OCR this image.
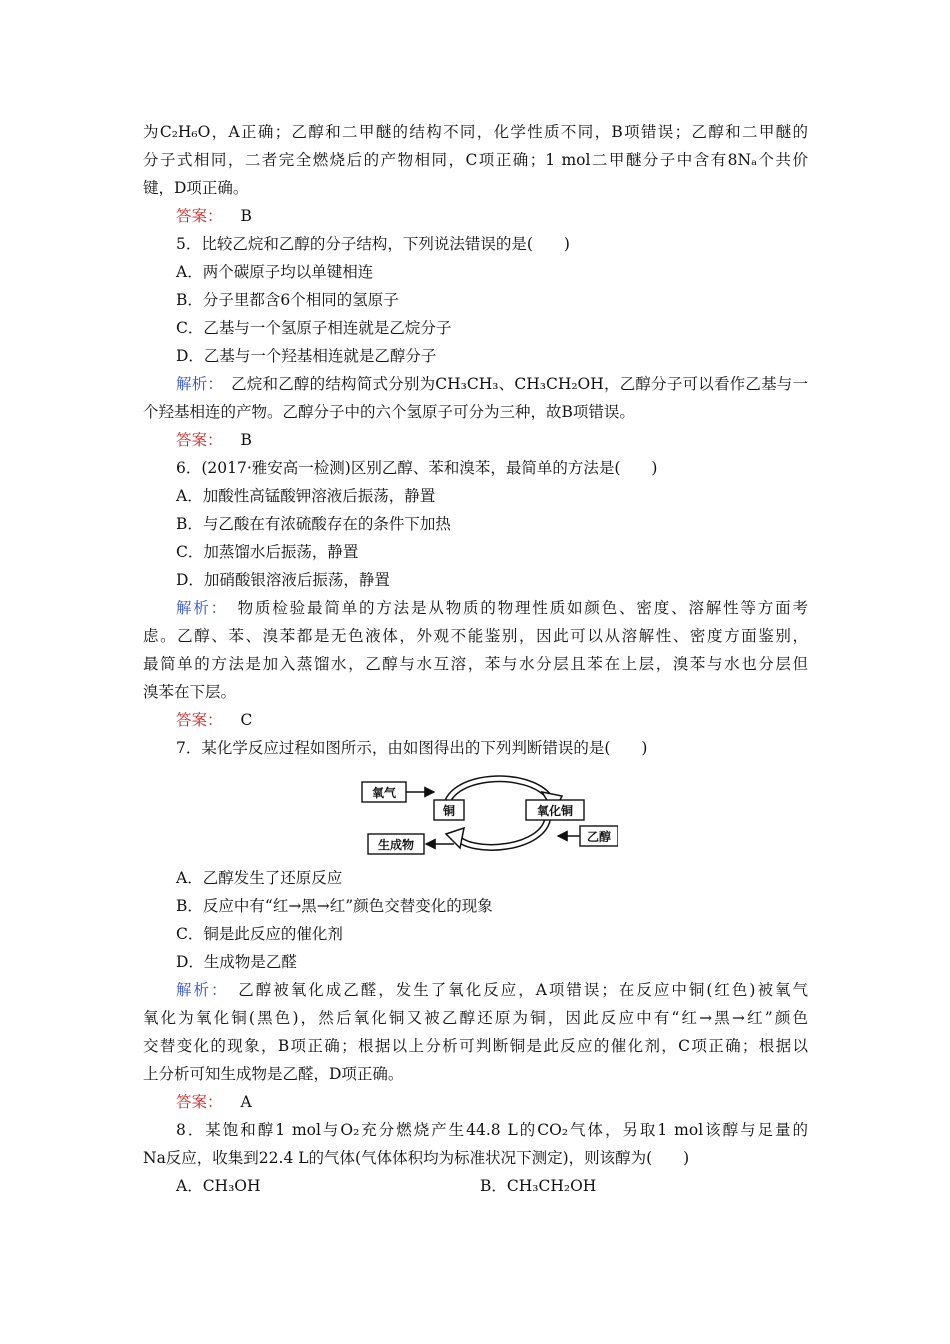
为C₂H₆O，A正确；乙醇和二甲醚的结构不同，化学性质不同，B项错误；乙醇和二甲醚的
分子式相同，二者完全燃烧后的产物相同，C项正确；1 mol二甲醚分子中含有8Nₐ个共价
键，D项正确。
答案： B
5．比较乙烷和乙醇的分子结构，下列说法错误的是(　　)
A．两个碳原子均以单键相连
B．分子里都含6个相同的氢原子
C．乙基与一个氢原子相连就是乙烷分子
D．乙基与一个羟基相连就是乙醇分子
解析：　 乙烷和乙醇的结构简式分别为CH₃CH₃、CH₃CH₂OH，乙醇分子可以看作乙基与一
个羟基相连的产物。乙醇分子中的六个氢原子可分为三种，故B项错误。
答案： B
6．(2017·雅安高一检测)区别乙醇、苯和溴苯，最简单的方法是(　　)
A．加酸性高锰酸钾溶液后振荡，静置
B．与乙酸在有浓硫酸存在的条件下加热
C．加蒸馏水后振荡，静置
D．加硝酸银溶液后振荡，静置
解析：　 物质检验最简单的方法是从物质的物理性质如颜色、密度、溶解性等方面考
虑。乙醇、苯、溴苯都是无色液体，外观不能鉴别，因此可以从溶解性、密度方面鉴别，
最简单的方法是加入蒸馏水，乙醇与水互溶，苯与水分层且苯在上层，溴苯与水也分层但
溴苯在下层。
答案： C
7．某化学反应过程如图所示，由如图得出的下列判断错误的是(　　)
氧气
铜	氧化铜
乙醇
生成物
A．乙醇发生了还原反应
B．反应中有“红→黑→红”颜色交替变化的现象
C．铜是此反应的催化剂
D．生成物是乙醛
解析：　 乙醇被氧化成乙醛，发生了氧化反应，A项错误；在反应中铜(红色)被氧气
氧化为氧化铜(黑色)，然后氧化铜又被乙醇还原为铜，因此反应中有“红→黑→红”颜色
交替变化的现象，B项正确；根据以上分析可判断铜是此反应的催化剂，C项正确；根据以
上分析可知生成物是乙醛，D项正确。
答案： A
8．某饱和醇1 mol与O₂充分燃烧产生44.8 L的CO₂气体，另取1 mol该醇与足量的
Na反应，收集到22.4 L的气体(气体体积均为标准状况下测定)，则该醇为(　　)
A．CH₃OH	B．CH₃CH₂OH
